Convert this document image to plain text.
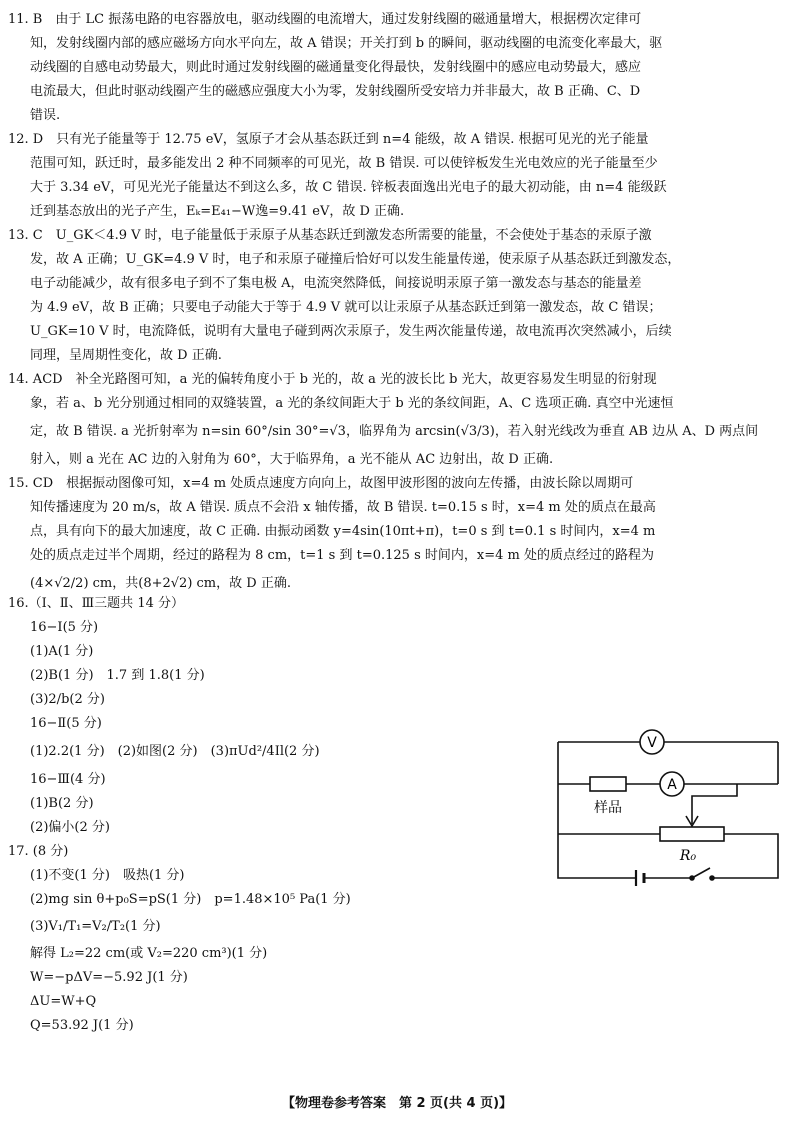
11. B　由于 LC 振荡电路的电容器放电，驱动线圈的电流增大，通过发射线圈的磁通量增大，根据楞次定律可

知，发射线圈内部的感应磁场方向水平向左，故 A 错误；开关打到 b 的瞬间，驱动线圈的电流变化率最大，驱

动线圈的自感电动势最大，则此时通过发射线圈的磁通量变化得最快，发射线圈中的感应电动势最大，感应

电流最大，但此时驱动线圈产生的磁感应强度大小为零，发射线圈所受安培力并非最大，故 B 正确、C、D

错误.

12. D　只有光子能量等于 12.75 eV，氢原子才会从基态跃迁到 n=4 能级，故 A 错误. 根据可见光的光子能量

范围可知，跃迁时，最多能发出 2 种不同频率的可见光，故 B 错误. 可以使锌板发生光电效应的光子能量至少

大于 3.34 eV，可见光光子能量达不到这么多，故 C 错误. 锌板表面逸出光电子的最大初动能，由 n=4 能级跃

迁到基态放出的光子产生，Eₖ=E₄₁−W逸=9.41 eV，故 D 正确.

13. C　U_GK＜4.9 V 时，电子能量低于汞原子从基态跃迁到激发态所需要的能量，不会使处于基态的汞原子激

发，故 A 正确；U_GK=4.9 V 时，电子和汞原子碰撞后恰好可以发生能量传递，使汞原子从基态跃迁到激发态，

电子动能减少，故有很多电子到不了集电极 A，电流突然降低，间接说明汞原子第一激发态与基态的能量差

为 4.9 eV，故 B 正确；只要电子动能大于等于 4.9 V 就可以让汞原子从基态跃迁到第一激发态，故 C 错误；

U_GK=10 V 时，电流降低，说明有大量电子碰到两次汞原子，发生两次能量传递，故电流再次突然减小，后续

同理，呈周期性变化，故 D 正确.

14. ACD　补全光路图可知，a 光的偏转角度小于 b 光的，故 a 光的波长比 b 光大，故更容易发生明显的衍射现

象，若 a、b 光分别通过相同的双缝装置，a 光的条纹间距大于 b 光的条纹间距，A、C 选项正确. 真空中光速恒

定，故 B 错误. a 光折射率为 n=sin 60°/sin 30°=√3，临界角为 arcsin(√3/3)，若入射光线改为垂直 AB 边从 A、D 两点间

射入，则 a 光在 AC 边的入射角为 60°，大于临界角，a 光不能从 AC 边射出，故 D 正确.

15. CD　根据振动图像可知，x=4 m 处质点速度方向向上，故图甲波形图的波向左传播，由波长除以周期可

知传播速度为 20 m/s，故 A 错误. 质点不会沿 x 轴传播，故 B 错误. t=0.15 s 时，x=4 m 处的质点在最高

点，具有向下的最大加速度，故 C 正确. 由振动函数 y=4sin(10πt+π)，t=0 s 到 t=0.1 s 时间内，x=4 m

处的质点走过半个周期，经过的路程为 8 cm，t=1 s 到 t=0.125 s 时间内，x=4 m 处的质点经过的路程为

(4×√2/2) cm，共(8+2√2) cm，故 D 正确.

16.（Ⅰ、Ⅱ、Ⅲ三题共 14 分）

16−Ⅰ(5 分)

(1)A(1 分)

(2)B(1 分)　1.7 到 1.8(1 分)

(3)2/b(2 分)

16−Ⅱ(5 分)

(1)2.2(1 分)　(2)如图(2 分)　(3)πUd²/4Il(2 分)

16−Ⅲ(4 分)

(1)B(2 分)

(2)偏小(2 分)

17. (8 分)

(1)不变(1 分)　吸热(1 分)

(2)mg sin θ+p₀S=pS(1 分)　p=1.48×10⁵ Pa(1 分)

(3)V₁/T₁=V₂/T₂(1 分)

解得 L₂=22 cm(或 V₂=220 cm³)(1 分)

W=−pΔV=−5.92 J(1 分)

ΔU=W+Q

Q=53.92 J(1 分)

V
A
样品
R₀
【物理卷参考答案　第 2 页(共 4 页)】
